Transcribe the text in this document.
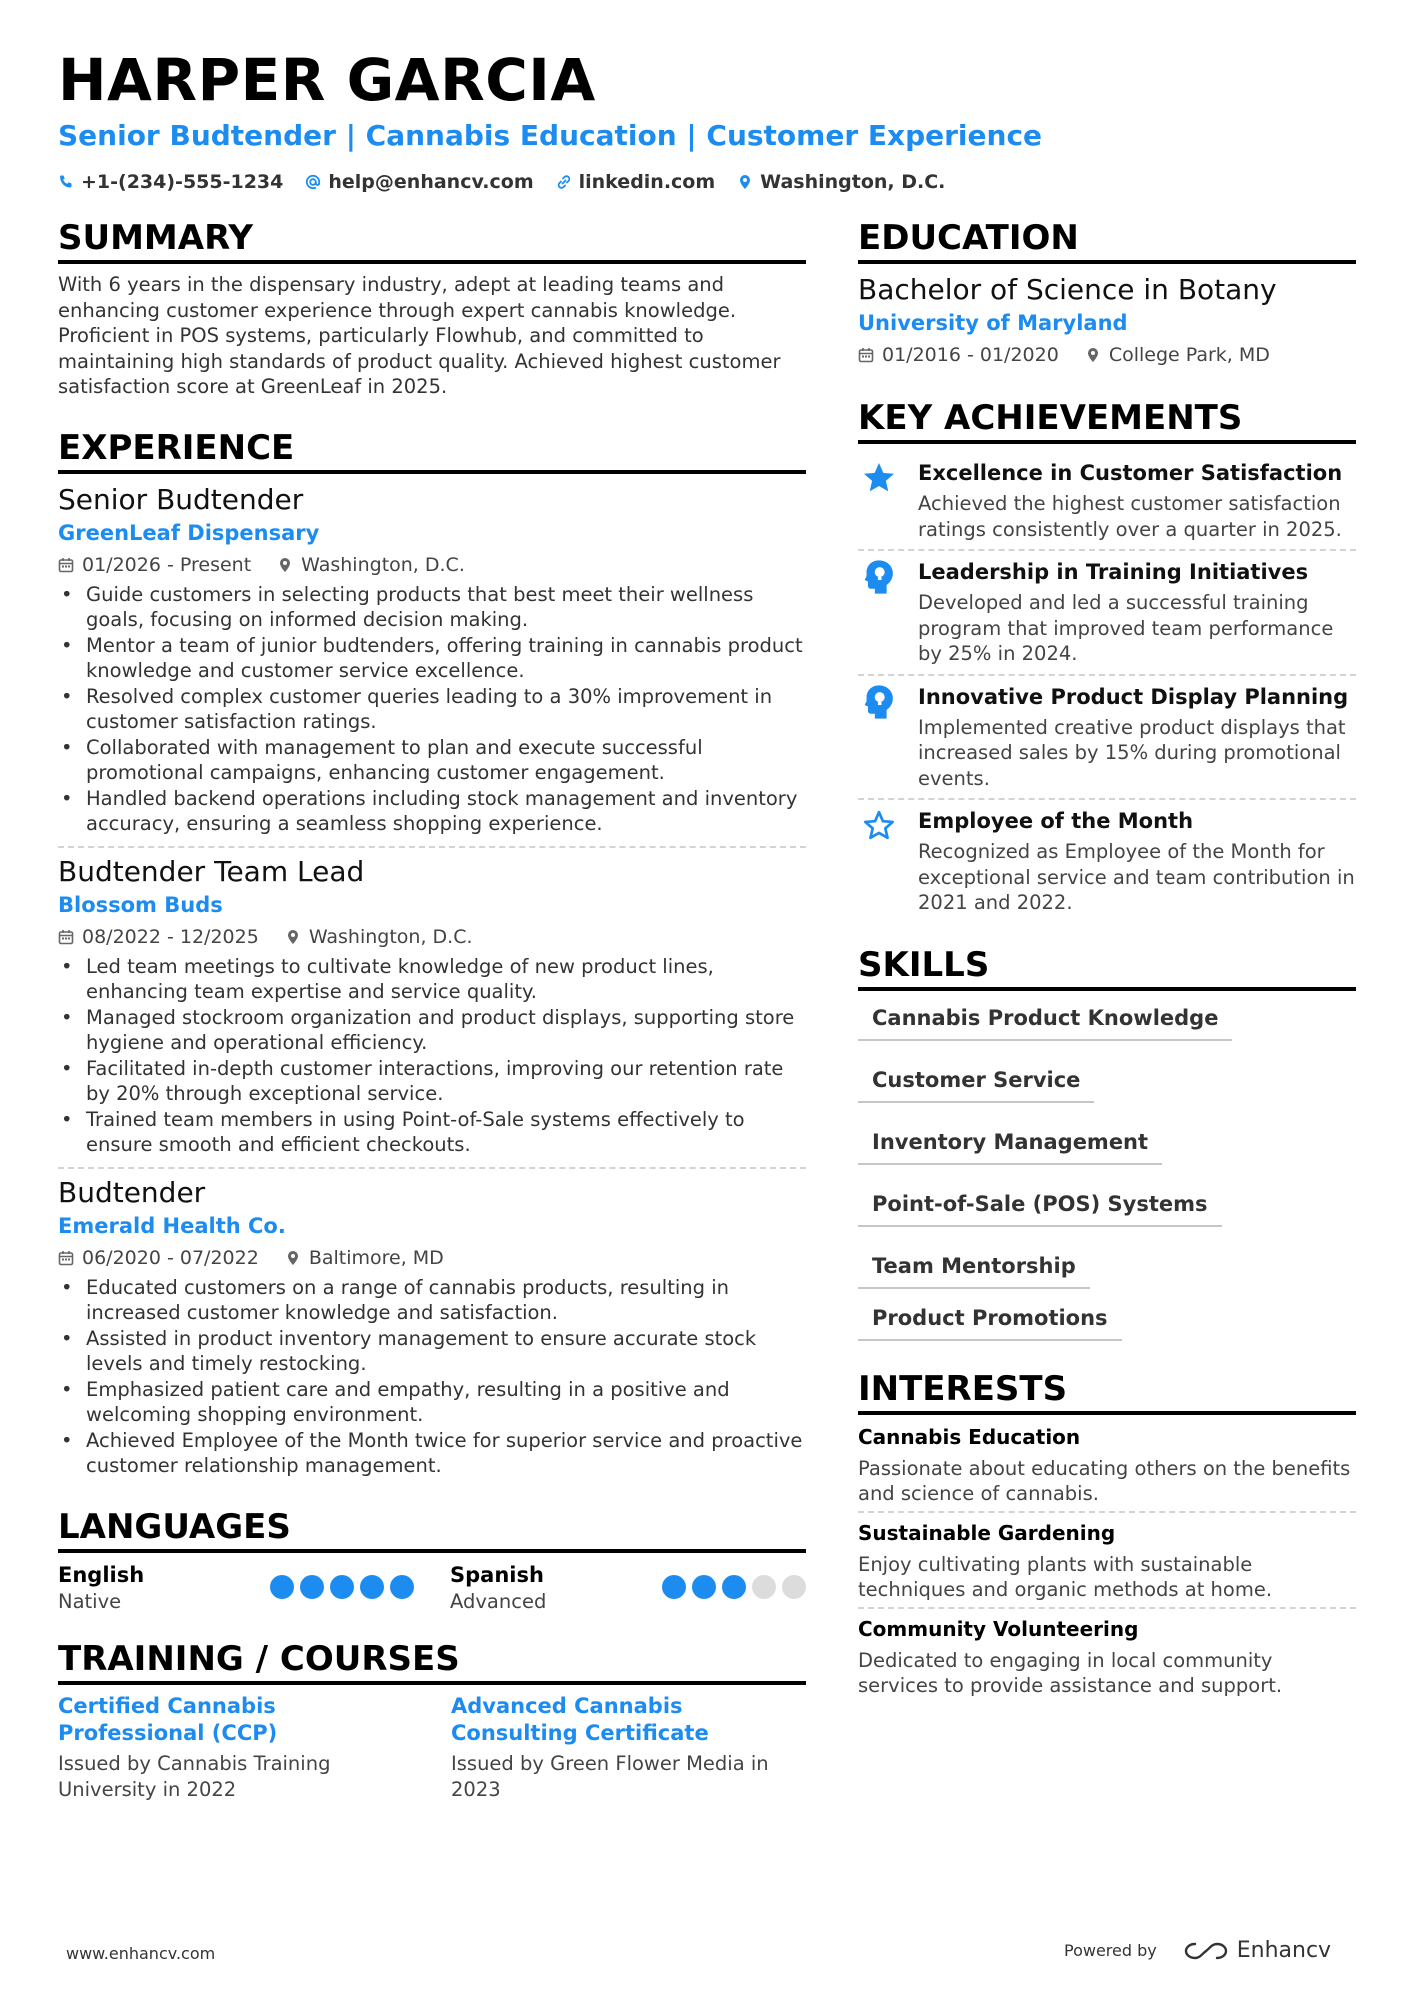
HARPER GARCIA
Senior Budtender | Cannabis Education | Customer Experience
+1-(234)-555-1234 help@enhancv.com linkedin.com Washington, D.C.
SUMMARY
With 6 years in the dispensary industry, adept at leading teams and enhancing customer experience through expert cannabis knowledge. Proficient in POS systems, particularly Flowhub, and committed to maintaining high standards of product quality. Achieved highest customer satisfaction score at GreenLeaf in 2025.
EXPERIENCE
Senior Budtender
GreenLeaf Dispensary
01/2026 - Present	Washington, D.C.
• Guide customers in selecting products that best meet their wellness goals, focusing on informed decision making.
• Mentor a team of junior budtenders, offering training in cannabis product knowledge and customer service excellence.
• Resolved complex customer queries leading to a 30% improvement in customer satisfaction ratings.
• Collaborated with management to plan and execute successful promotional campaigns, enhancing customer engagement.
• Handled backend operations including stock management and inventory accuracy, ensuring a seamless shopping experience.
Budtender Team Lead
Blossom Buds
08/2022 - 12/2025	Washington, D.C.
• Led team meetings to cultivate knowledge of new product lines, enhancing team expertise and service quality.
• Managed stockroom organization and product displays, supporting store hygiene and operational efficiency.
• Facilitated in-depth customer interactions, improving our retention rate by 20% through exceptional service.
• Trained team members in using Point-of-Sale systems effectively to ensure smooth and efficient checkouts.
Budtender
Emerald Health Co.
06/2020 - 07/2022	Baltimore, MD
• Educated customers on a range of cannabis products, resulting in increased customer knowledge and satisfaction.
• Assisted in product inventory management to ensure accurate stock levels and timely restocking.
• Emphasized patient care and empathy, resulting in a positive and welcoming shopping environment.
• Achieved Employee of the Month twice for superior service and proactive customer relationship management.
LANGUAGES
English
Native
Spanish
Advanced
TRAINING / COURSES
Certified Cannabis Professional (CCP)
Issued by Cannabis Training University in 2022
Advanced Cannabis Consulting Certificate
Issued by Green Flower Media in 2023
EDUCATION
Bachelor of Science in Botany
University of Maryland
01/2016 - 01/2020	College Park, MD
KEY ACHIEVEMENTS
Excellence in Customer Satisfaction
Achieved the highest customer satisfaction ratings consistently over a quarter in 2025.
Leadership in Training Initiatives
Developed and led a successful training program that improved team performance by 25% in 2024.
Innovative Product Display Planning
Implemented creative product displays that increased sales by 15% during promotional events.
Employee of the Month
Recognized as Employee of the Month for exceptional service and team contribution in 2021 and 2022.
SKILLS
Cannabis Product Knowledge
Customer Service
Inventory Management
Point-of-Sale (POS) Systems
Team Mentorship
Product Promotions
INTERESTS
Cannabis Education
Passionate about educating others on the benefits and science of cannabis.
Sustainable Gardening
Enjoy cultivating plants with sustainable techniques and organic methods at home.
Community Volunteering
Dedicated to engaging in local community services to provide assistance and support.
www.enhancv.com	Powered by	Enhancv
